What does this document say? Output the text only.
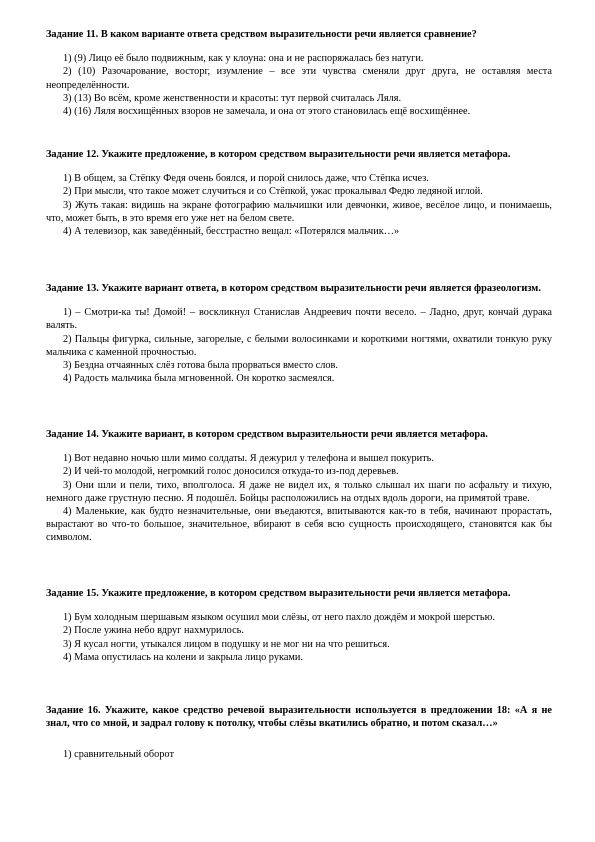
Задание 11. В каком варианте ответа средством выразительности речи является сравнение?

1) (9) Лицо её было подвижным, как у клоуна: она и не распоряжалась без натуги.

2) (10) Разочарование, восторг, изумление – все эти чувства сменяли друг друга, не оставляя места неопределённости.

3) (13) Во всём, кроме женственности и красоты: тут первой считалась Ляля.

4) (16) Ляля восхищённых взоров не замечала, и она от этого становилась ещё восхищённее.

Задание 12. Укажите предложение, в котором средством выразительности речи является метафора.

1) В общем, за Стёпку Федя очень боялся, и порой снилось даже, что Стёпка исчез.

2) При мысли, что такое может случиться и со Стёпкой, ужас прокалывал Федю ледяной иглой.

3) Жуть такая: видишь на экране фотографию мальчишки или девчонки, живое, весёлое лицо, и понимаешь, что, может быть, в это время его уже нет на белом свете.

4) А телевизор, как заведённый, бесстрастно вещал: «Потерялся мальчик…»

Задание 13. Укажите вариант ответа, в котором средством выразительности речи является фразеологизм.

1) – Смотри-ка ты! Домой! – воскликнул Станислав Андреевич почти весело. – Ладно, друг, кончай дурака валять.

2) Пальцы фигурка, сильные, загорелые, с белыми волосинками и короткими ногтями, охватили тонкую руку мальчика с каменной прочностью.

3) Бездна отчаянных слёз готова была прорваться вместо слов.

4) Радость мальчика была мгновенной. Он коротко засмеялся.

Задание 14. Укажите вариант, в котором средством выразительности речи является метафора.

1) Вот недавно ночью шли мимо солдаты. Я дежурил у телефона и вышел покурить.

2) И чей-то молодой, негромкий голос доносился откуда-то из-под деревьев.

3) Они шли и пели, тихо, вполголоса. Я даже не видел их, я только слышал их шаги по асфальту и тихую, немного даже грустную песню. Я подошёл. Бойцы расположились на отдых вдоль дороги, на примятой траве.

4) Маленькие, как будто незначительные, они въедаются, впитываются как-то в тебя, начинают прорастать, вырастают во что-то большое, значительное, вбирают в себя всю сущность происходящего, становятся как бы символом.

Задание 15. Укажите предложение, в котором средством выразительности речи является метафора.

1) Бум холодным шершавым языком осушил мои слёзы, от него пахло дождём и мокрой шерстью.

2) После ужина небо вдруг нахмурилось.

3) Я кусал ногти, утыкался лицом в подушку и не мог ни на что решиться.

4) Мама опустилась на колени и закрыла лицо руками.

Задание 16. Укажите, какое средство речевой выразительности используется в предложении 18: «А я не знал, что со мной, и задрал голову к потолку, чтобы слёзы вкатились обратно, и потом сказал…»

1) сравнительный оборот
